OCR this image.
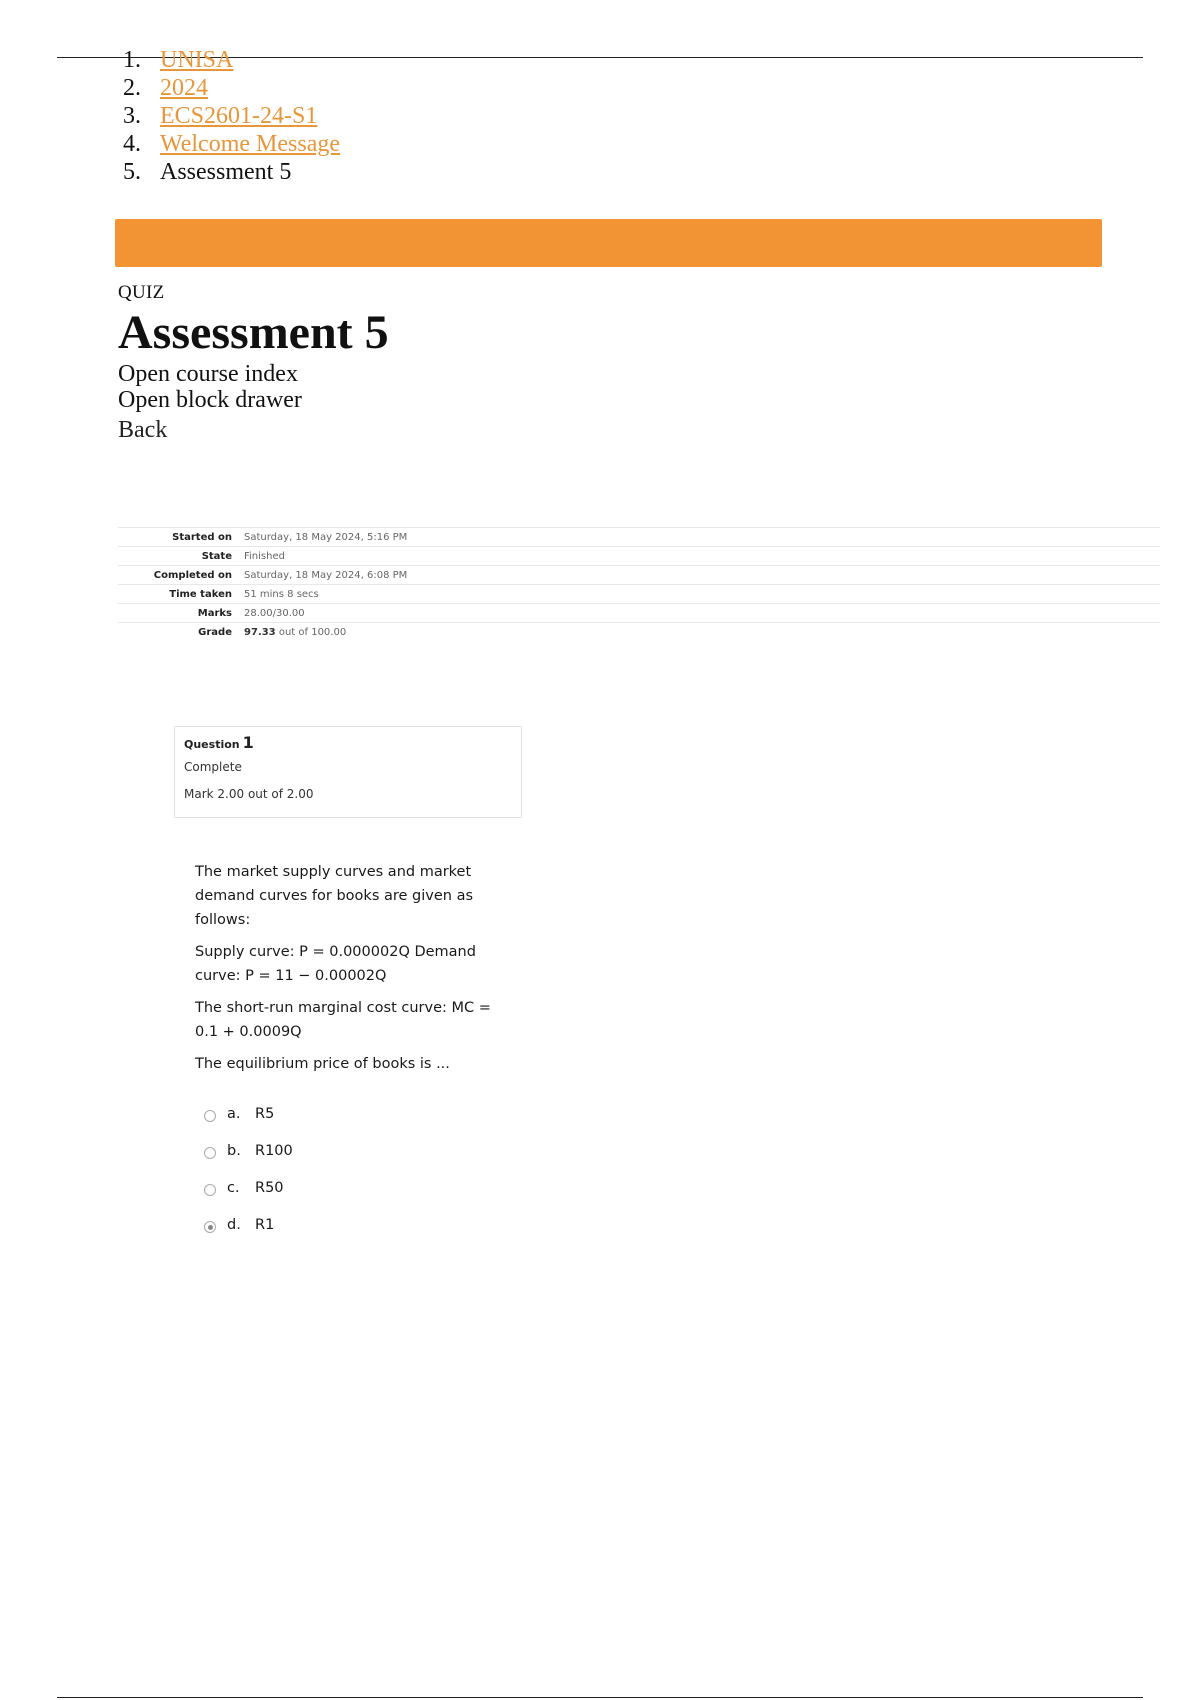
1. UNISA
2. 2024
3. ECS2601-24-S1
4. Welcome Message
5. Assessment 5
QUIZ
Assessment 5
Open course index
Open block drawer
Back
Started on	Saturday, 18 May 2024, 5:16 PM
State	Finished
Completed on	Saturday, 18 May 2024, 6:08 PM
Time taken	51 mins 8 secs
Marks	28.00/30.00
Grade	97.33 out of 100.00
Question 1
Complete
Mark 2.00 out of 2.00

The market supply curves and market demand curves for books are given as follows:

Supply curve: P = 0.000002Q Demand curve: P = 11 − 0.00002Q

The short-run marginal cost curve: MC = 0.1 + 0.0009Q

The equilibrium price of books is ...

a.	R5
b. R100
c.	R50
d. R1
